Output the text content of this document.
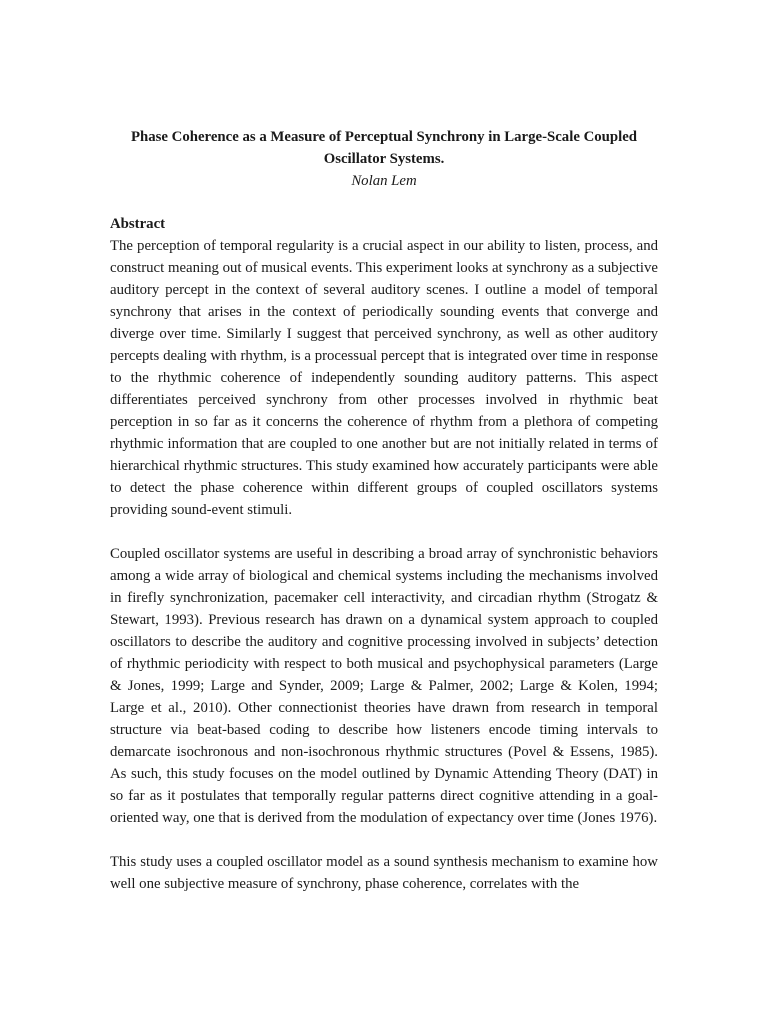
Phase Coherence as a Measure of Perceptual Synchrony in Large-Scale Coupled
Oscillator Systems.

Nolan Lem

Abstract

The perception of temporal regularity is a crucial aspect in our ability to listen, process, and construct meaning out of musical events. This experiment looks at synchrony as a subjective auditory percept in the context of several auditory scenes. I outline a model of temporal synchrony that arises in the context of periodically sounding events that converge and diverge over time. Similarly I suggest that perceived synchrony, as well as other auditory percepts dealing with rhythm, is a processual percept that is integrated over time in response to the rhythmic coherence of independently sounding auditory patterns. This aspect differentiates perceived synchrony from other processes involved in rhythmic beat perception in so far as it concerns the coherence of rhythm from a plethora of competing rhythmic information that are coupled to one another but are not initially related in terms of hierarchical rhythmic structures. This study examined how accurately participants were able to detect the phase coherence within different groups of coupled oscillators systems providing sound-event stimuli.

Coupled oscillator systems are useful in describing a broad array of synchronistic behaviors among a wide array of biological and chemical systems including the mechanisms involved in firefly synchronization, pacemaker cell interactivity, and circadian rhythm (Strogatz & Stewart, 1993). Previous research has drawn on a dynamical system approach to coupled oscillators to describe the auditory and cognitive processing involved in subjects’ detection of rhythmic periodicity with respect to both musical and psychophysical parameters (Large & Jones, 1999; Large and Synder, 2009; Large & Palmer, 2002; Large & Kolen, 1994; Large et al., 2010). Other connectionist theories have drawn from research in temporal structure via beat-based coding to describe how listeners encode timing intervals to demarcate isochronous and non-isochronous rhythmic structures (Povel & Essens, 1985). As such, this study focuses on the model outlined by Dynamic Attending Theory (DAT) in so far as it postulates that temporally regular patterns direct cognitive attending in a goal-oriented way, one that is derived from the modulation of expectancy over time (Jones 1976).

This study uses a coupled oscillator model as a sound synthesis mechanism to examine how well one subjective measure of synchrony, phase coherence, correlates with the
